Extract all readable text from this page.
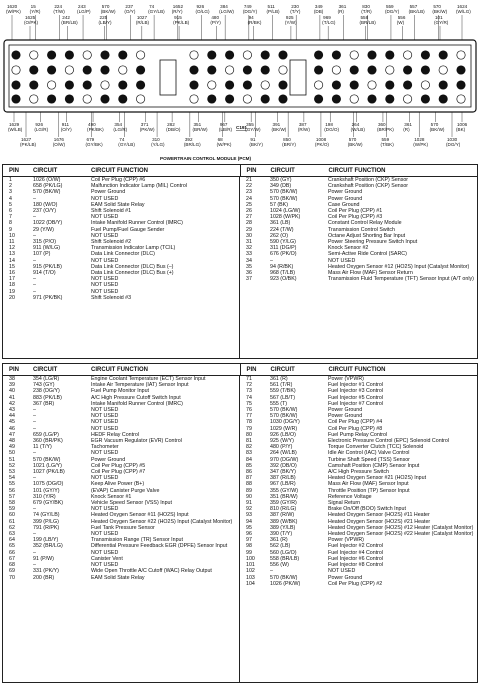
1620
(W/PK)
15
(Y/R)
224
(T/W)
243
(LG/P)
570
(BK/W)
237
(O/Y)
74
(GY/LB)
1652
(R/Y)
926
(O/LG)
384
(LG/W)
749
(DG/Y)
511
(P/LB)
230
(T/Y)
349
(DB)
361
(R)
830
(T/R)
559
(DG/Y)
557
(BK/LB)
570
(BK/W)
1624
(W/LG)
1625
(O/PK)
242
(BR/LB)
225
(LB/Y)
1027
(R/LB)
915
(PK/LB)
480
(P/Y)
94
(R/BK)
925
(Y/W)
969
(T/LG)
558
(BR/LB)
556
(W)
101
(GY/R)
1629
(W/LB)
926
(LG/R)
911
(O/Y)
490
(PK/BK)
354
(LG/R)
371
(PK/W)
282
(DB/O)
351
(BR/W)
967
(LB/R)
355
(GY/W)
391
(BK/W)
387
(R/W)
198
(DG/O)
264
(W/LB)
360
(BR/PK)
361
(R)
570
(BK/W)
1006
(BK)
1627
(PK/LB)
1676
(O/W)
679
(GY/BK)
74
(GY/LB)
310
(Y/LG)
392
(BR/LG)
68
(W/PK)
91
(BK/Y)
850
(BR/Y)
1008
(PK/O)
570
(BK/W)
559
(T/BK)
1028
(W/PK)
1030
(DG/Y)
C191
POWERTRAIN CONTROL MODULE (PCM)
PIN	CIRCUIT	CIRCUIT FUNCTION	PIN	CIRCUIT	CIRCUIT FUNCTION
1	1026 (O/W)	Coil Per Plug (CPP) #6
2	658 (PK/LG)	Malfunction Indicator Lamp (MIL) Control
3	570 (BK/W)	Power Ground
4	–	NOT USED
5	180 (W/O)	EAM Solid State Relay
6	237 (O/Y)	Shift Solenoid #1
7	–	NOT USED
8	1022 (DB/Y)	Intake Manifold Runner Control (IMRC)
9	29 (Y/W)	Fuel Pump/Fuel Gauge Sender
10	–	NOT USED
11	315 (P/O)	Shift Solenoid #2
12	911 (W/LG)	Transmission Indicator Lamp (TCIL)
13	107 (P)	Data Link Connector (DLC)
14	–	NOT USED
15	915 (PK/LB)	Data Link Connector (DLC) Bus (–)
16	914 (T/O)	Data Link Connector (DLC) Bus (+)
17	–	NOT USED
18	–	NOT USED
19	–	NOT USED
20	971 (PK/BK)	Shift Solenoid #3
21	350 (GY)	Crankshaft Position (CKP) Sensor
22	349 (DB)	Crankshaft Position (CKP) Sensor
23	570 (BK/W)	Power Ground
24	570 (BK/W)	Power Ground
25	57 (BK)	Case Ground
26	1024 (LG/W)	Coil Per Plug (CPP) #1
27	1028 (W/PK)	Coil Per Plug (CPP) #3
28	361 (LB)	Constant Control Relay Module
29	224 (T/W)	Transmission Control Switch
30	262 (O)	Octane Adjust Shorting Bar Input
31	590 (Y/LG)	Power Steering Pressure Switch Input
32	311 (DG/P)	Knock Sensor #2
33	676 (PK/O)	Semi-Active Ride Control (SARC)
34	–	NOT USED
35	94 (R/BK)	Heated Oxygen Sensor #12 (HO2S) Input (Catalyst Monitor)
36	968 (T/LB)	Mass Air Flow (MAF) Sensor Return
37	923 (O/BK)	Transmission Fluid Temperature (TFT) Sensor Input (A/T only)
PIN	CIRCUIT	CIRCUIT FUNCTION	PIN	CIRCUIT	CIRCUIT FUNCTION
38	354 (LG/R)	Engine Coolant Temperature (ECT) Sensor Input
39	743 (GY)	Intake Air Temperature (IAT) Sensor Input
40	238 (DG/Y)	Fuel Pump Monitor Input
41	883 (PK/LB)	A/C High Pressure Cutoff Switch Input
42	367 (BR)	Intake Manifold Runner Control (IMRC)
43	–	NOT USED
44	–	NOT USED
45	–	NOT USED
46	–	NOT USED
47	659 (LG/P)	HEDF Relay Control
48	360 (BR/PK)	EGR Vacuum Regulator (EVR) Control
49	11 (T/Y)	Tachometer
50	–	NOT USED
51	570 (BK/W)	Power Ground
52	1021 (LG/Y)	Coil Per Plug (CPP) #5
53	1027 (PK/LB)	Coil Per Plug (CPP) #7
54	–	NOT USED
55	1075 (DG/O)	Keep Alive Power (B+)
56	101 (GY/Y)	(EVAP) Canister Purge Valve
57	310 (Y/R)	Knock Sensor #1
58	679 (GY/BK)	Vehicle Speed Sensor (VSS) Input
59	–	NOT USED
60	74 (GY/LB)	Heated Oxygen Sensor #11 (HO2S) Input
61	399 (P/LG)	Heated Oxygen Sensor #22 (HO2S) Input (Catalyst Monitor)
62	791 (R/PK)	Fuel Tank Pressure Sensor
63	–	NOT USED
64	199 (LB/Y)	Transmission Range (TR) Sensor Input
65	352 (BR/LG)	Differential Pressure Feedback EGR (DPFE) Sensor Input
66	–	NOT USED
67	91 (P/W)	Canister Vent
68	–	NOT USED
69	331 (PK/Y)	Wide Open Throttle A/C Cutoff (WAC) Relay Output
70	200 (BR)	EAM Solid State Relay
71	361 (R)	Power (VPWR)
72	561 (T/R)	Fuel Injector #1 Control
73	559 (T/BK)	Fuel Injector #3 Control
74	567 (LB/T)	Fuel Injector #5 Control
75	555 (T)	Fuel Injector #7 Control
76	570 (BK/W)	Power Ground
77	570 (BK/W)	Power Ground
78	1030 (DG/Y)	Coil Per Plug (CPP) #4
79	1029 (W/R)	Coil Per Plug (CPP) #8
80	926 (LB/O)	Fuel Pump Relay Control
81	925 (W/Y)	Electronic Pressure Control (EPC) Solenoid Control
82	480 (P/Y)	Torque Converter Clutch (TCC) Solenoid
83	264 (W/LB)	Idle Air Control (IAC) Valve Control
84	970 (DG/W)	Turbine Shaft Speed (TSS) Sensor
85	392 (DB/O)	Camshaft Position (CMP) Sensor Input
86	347 (BK/Y)	A/C High Pressure Switch
87	387 (R/LB)	Heated Oxygen Sensor #21 (HO2S) Input
88	967 (LB/R)	Mass Air Flow (MAF) Sensor Input
89	355 (GY/W)	Throttle Position (TP) Sensor Input
90	351 (BR/W)	Reference Voltage
91	359 (GY/R)	Signal Return
92	810 (R/LG)	Brake On/Off (BOO) Switch Input
93	387 (R/W)	Heated Oxygen Sensor (HO2S) #11 Heater
94	389 (W/BK)	Heated Oxygen Sensor (HO2S) #21 Heater
95	389 (Y/LB)	Heated Oxygen Sensor (HO2S) #12 Heater (Catalyst Monitor)
96	390 (T/Y)	Heated Oxygen Sensor (HO2S) #22 Heater (Catalyst Monitor)
97	361 (R)	Power (VPWR)
98	562 (LB)	Fuel Injector #2 Control
99	560 (LG/O)	Fuel Injector #4 Control
100	558 (BR/LB)	Fuel Injector #6 Control
101	556 (W)	Fuel Injector #8 Control
102	–	NOT USED
103	570 (BK/W)	Power Ground
104	1026 (PK/W)	Coil Per Plug (CPP) #2
